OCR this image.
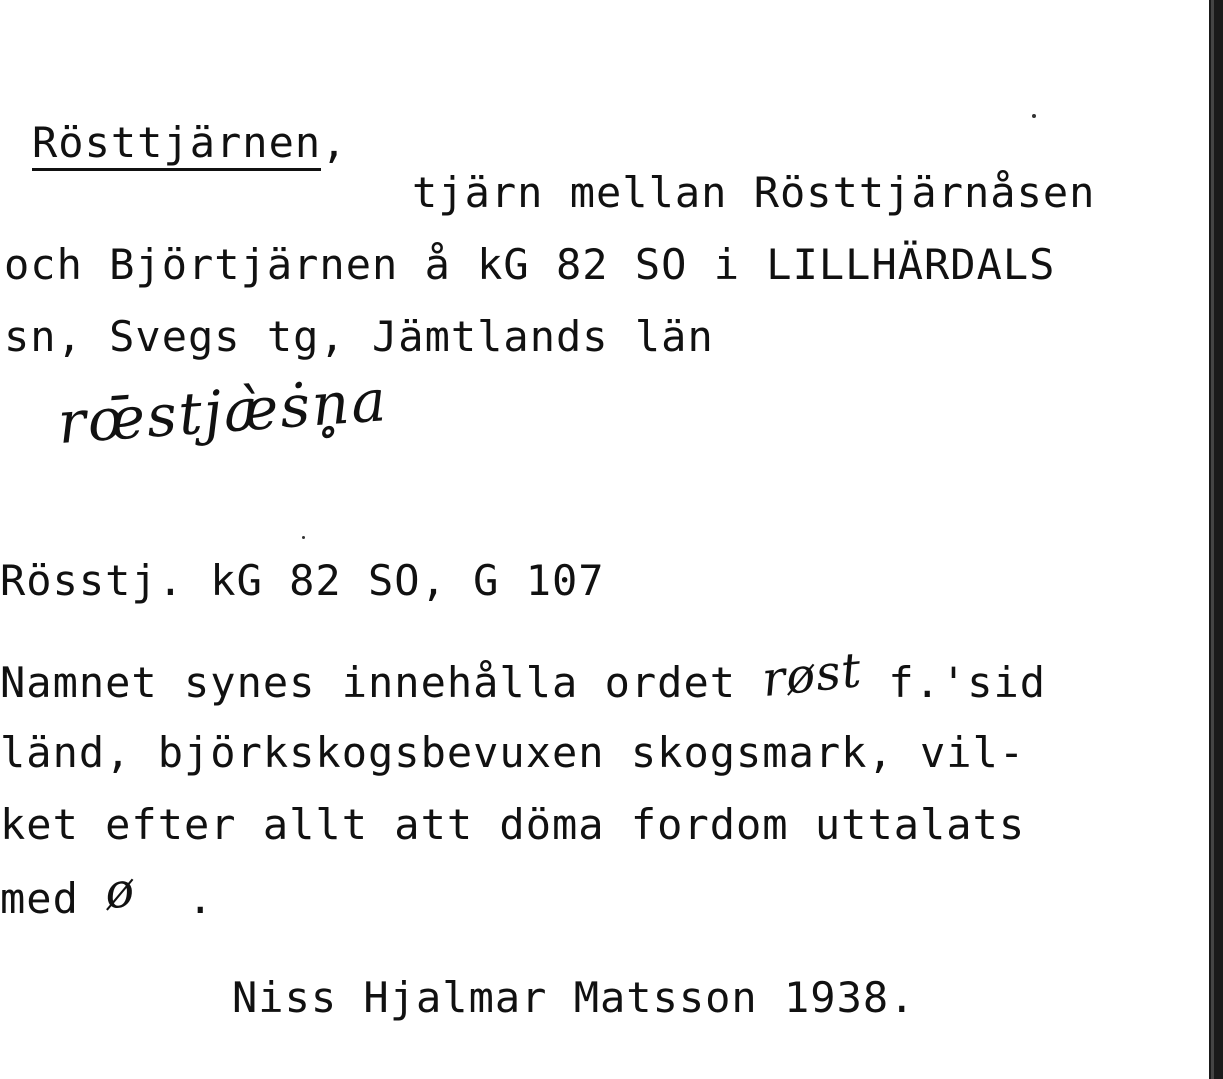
Rösttjärnen,
tjärn mellan Rösttjärnåsen
och Björtjärnen å kG 82 SO i LILLHÄRDALS
sn, Svegs tg, Jämtlands län
rœ̄stjæ̀ṡn̥a
Rösstj. kG 82 SO, G 107
Namnet synes innehålla ordet røst f.'sid
länd, björkskogsbevuxen skogsmark, vil-
ket efter allt att döma fordom uttalats
med ø  .
Niss Hjalmar Matsson 1938.
